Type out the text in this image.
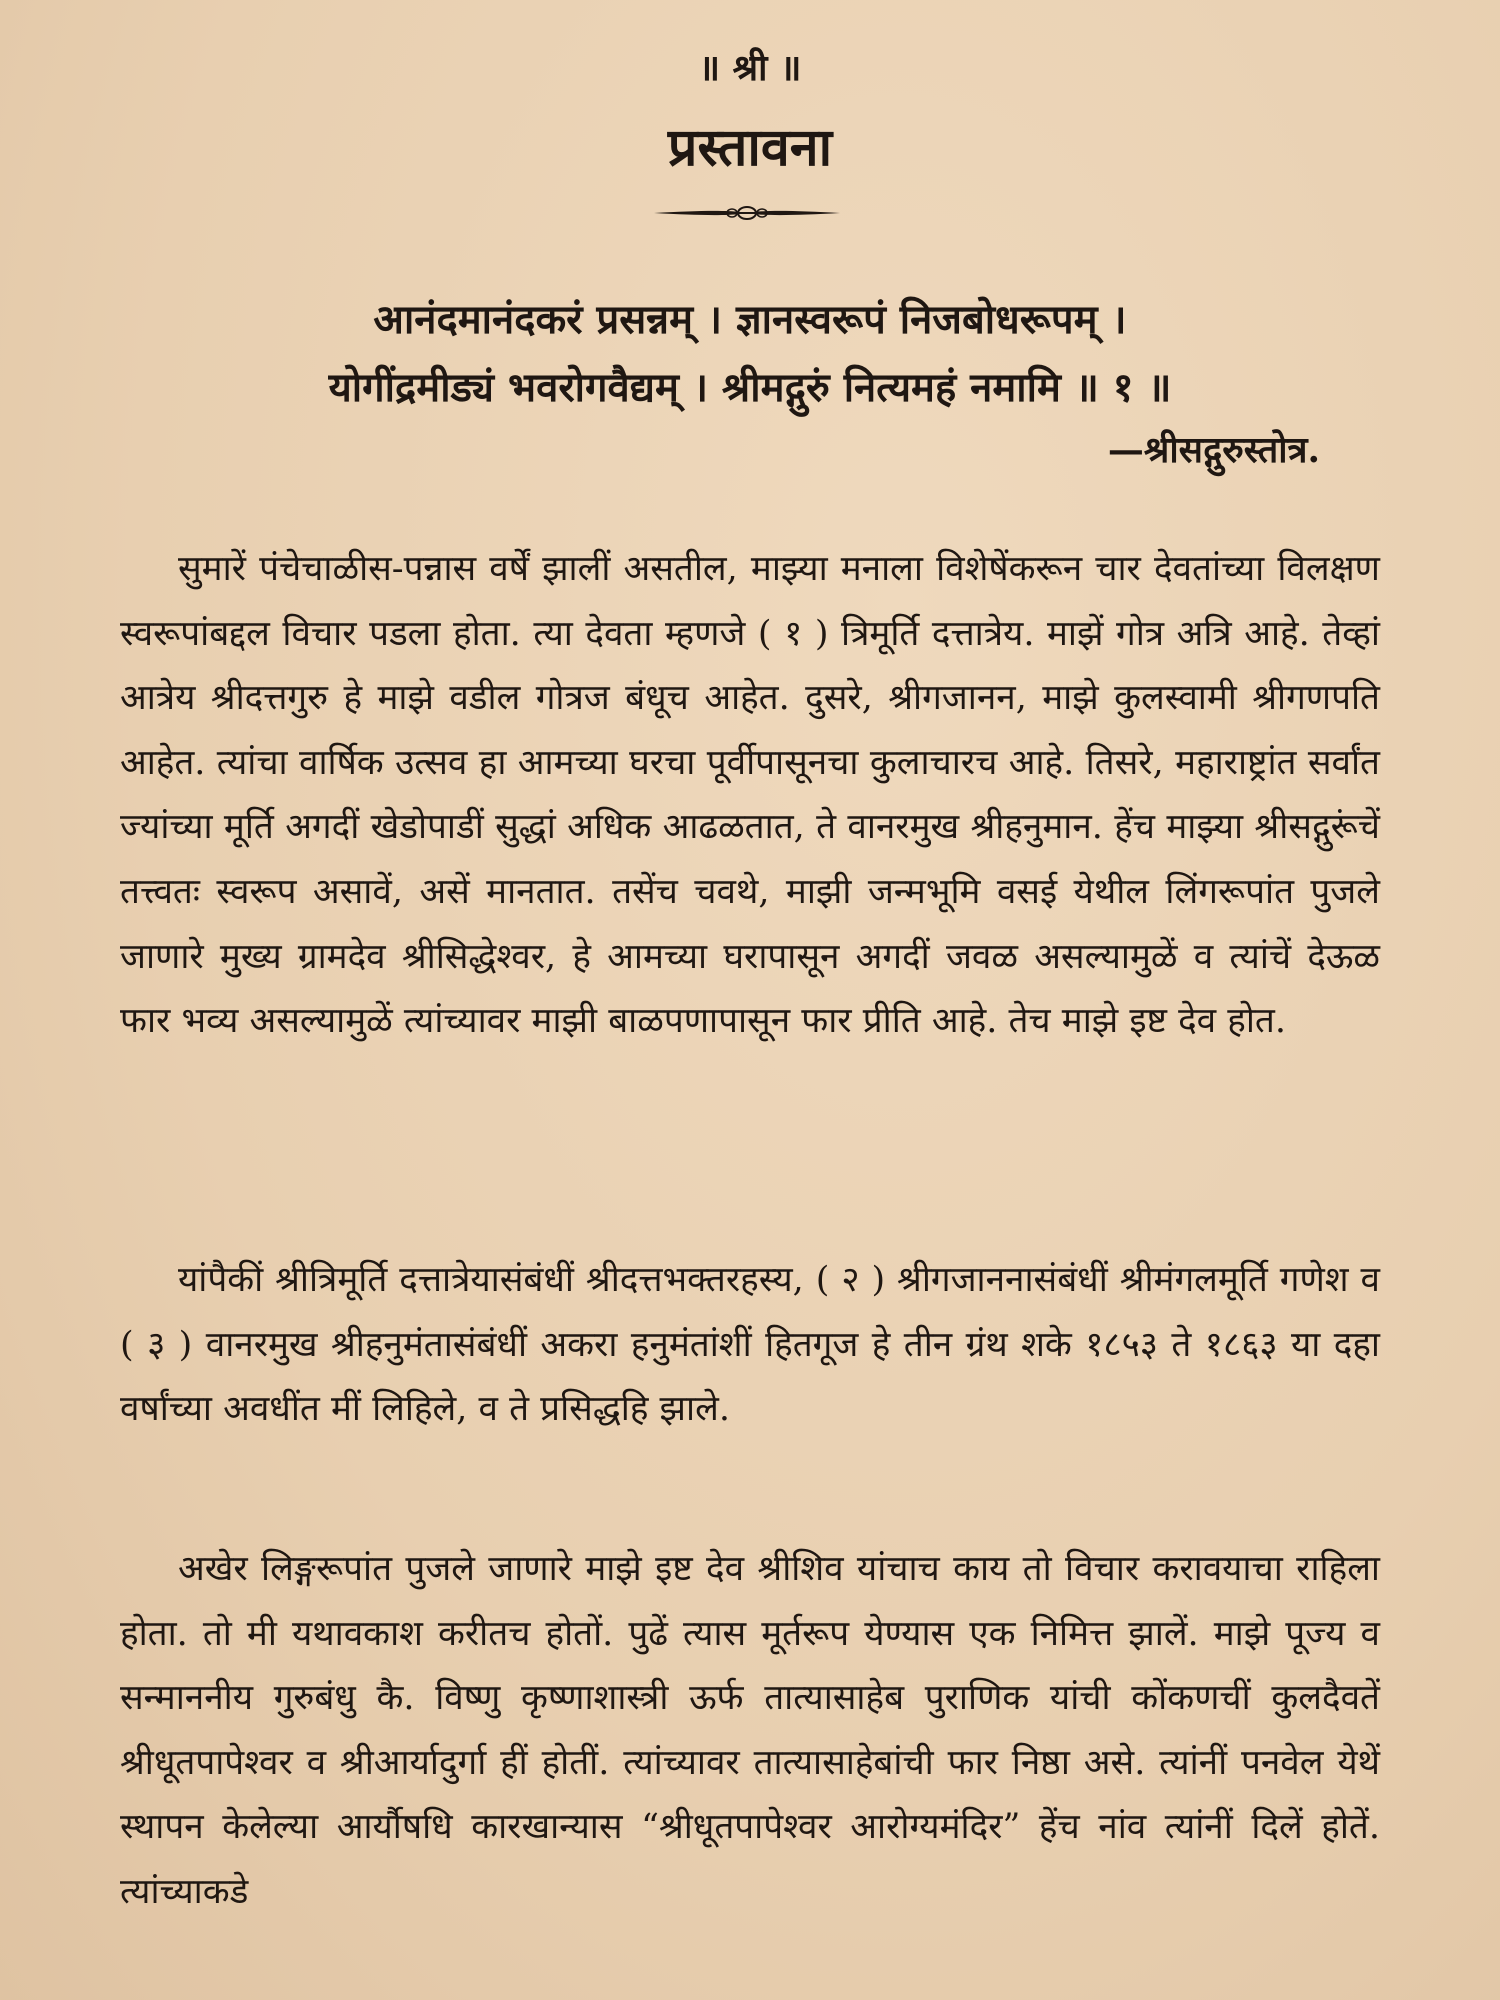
॥ श्री ॥
प्रस्तावना
आनंदमानंदकरं प्रसन्नम् । ज्ञानस्वरूपं निजबोधरूपम् ।
योगींद्रमीड्यं भवरोगवैद्यम् । श्रीमद्गुरुं नित्यमहं नमामि ॥ १ ॥
—श्रीसद्गुरुस्तोत्र.

सुमारें पंचेचाळीस-पन्नास वर्षें झालीं असतील, माझ्या मनाला विशेषेंकरून चार देवतांच्या विलक्षण स्वरूपांबद्दल विचार पडला होता. त्या देवता म्हणजे ( १ ) त्रिमूर्ति दत्तात्रेय. माझें गोत्र अत्रि आहे. तेव्हां आत्रेय श्रीदत्तगुरु हे माझे वडील गोत्रज बंधूच आहेत. दुसरे, श्रीगजानन, माझे कुलस्वामी श्रीगणपति आहेत. त्यांचा वार्षिक उत्सव हा आमच्या घरचा पूर्वीपासूनचा कुलाचारच आहे. तिसरे, महाराष्ट्रांत सर्वांत ज्यांच्या मूर्ति अगदीं खेडोपाडीं सुद्धां अधिक आढळतात, ते वानरमुख श्रीहनुमान. हेंच माझ्या श्रीसद्गुरूंचें तत्त्वतः स्वरूप असावें, असें मानतात. तसेंच चवथे, माझी जन्मभूमि वसई येथील लिंगरूपांत पुजले जाणारे मुख्य ग्रामदेव श्रीसिद्धेश्वर, हे आमच्या घरापासून अगदीं जवळ असल्यामुळें व त्यांचें देऊळ फार भव्य असल्यामुळें त्यांच्यावर माझी बाळपणापासून फार प्रीति आहे. तेच माझे इष्ट देव होत.

यांपैकीं श्रीत्रिमूर्ति दत्तात्रेयासंबंधीं श्रीदत्तभक्तरहस्य, ( २ ) श्रीगजाननासंबंधीं श्रीमंगलमूर्ति गणेश व ( ३ ) वानरमुख श्रीहनुमंतासंबंधीं अकरा हनुमंतांशीं हितगूज हे तीन ग्रंथ शके १८५३ ते १८६३ या दहा वर्षांच्या अवधींत मीं लिहिले, व ते प्रसिद्धहि झाले.

अखेर लिङ्गरूपांत पुजले जाणारे माझे इष्ट देव श्रीशिव यांचाच काय तो विचार करावयाचा राहिला होता. तो मी यथावकाश करीतच होतों. पुढें त्यास मूर्तरूप येण्यास एक निमित्त झालें. माझे पूज्य व सन्माननीय गुरुबंधु कै. विष्णु कृष्णाशास्त्री ऊर्फ तात्यासाहेब पुराणिक यांची कोंकणचीं कुलदैवतें श्रीधूतपापेश्वर व श्रीआर्यादुर्गा हीं होतीं. त्यांच्यावर तात्यासाहेबांची फार निष्ठा असे. त्यांनीं पनवेल येथें स्थापन केलेल्या आर्यौषधि कारखान्यास “श्रीधूतपापेश्वर आरोग्यमंदिर” हेंच नांव त्यांनीं दिलें होतें. त्यांच्याकडे
